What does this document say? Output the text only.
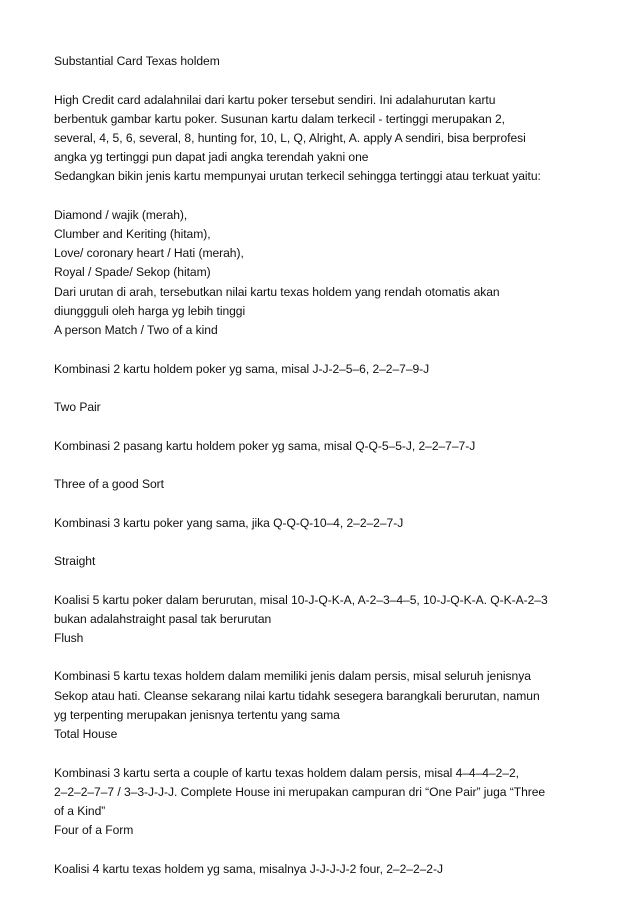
Substantial Card Texas holdem

High Credit card adalahnilai dari kartu poker tersebut sendiri. Ini adalahurutan kartu
berbentuk gambar kartu poker. Susunan kartu dalam terkecil - tertinggi merupakan 2,
several, 4, 5, 6, several, 8, hunting for, 10, L, Q, Alright, A. apply A sendiri, bisa berprofesi
angka yg tertinggi pun dapat jadi angka terendah yakni one
Sedangkan bikin jenis kartu mempunyai urutan terkecil sehingga tertinggi atau terkuat yaitu:

Diamond / wajik (merah),
Clumber and Keriting (hitam),
Love/ coronary heart / Hati (merah),
Royal / Spade/ Sekop (hitam)
Dari urutan di arah, tersebutkan nilai kartu texas holdem yang rendah otomatis akan
diunggguli oleh harga yg lebih tinggi
A person Match / Two of a kind

Kombinasi 2 kartu holdem poker yg sama, misal J-J-2–5–6, 2–2–7–9-J

Two Pair

Kombinasi 2 pasang kartu holdem poker yg sama, misal Q-Q-5–5-J, 2–2–7–7-J

Three of a good Sort

Kombinasi 3 kartu poker yang sama, jika Q-Q-Q-10–4, 2–2–2–7-J

Straight

Koalisi 5 kartu poker dalam berurutan, misal 10-J-Q-K-A, A-2–3–4–5, 10-J-Q-K-A. Q-K-A-2–3
bukan adalahstraight pasal tak berurutan
Flush

Kombinasi 5 kartu texas holdem dalam memiliki jenis dalam persis, misal seluruh jenisnya
Sekop atau hati. Cleanse sekarang nilai kartu tidahk sesegera barangkali berurutan, namun
yg terpenting merupakan jenisnya tertentu yang sama
Total House

Kombinasi 3 kartu serta a couple of kartu texas holdem dalam persis, misal 4–4–4–2–2,
2–2–2–7–7 / 3–3-J-J-J. Complete House ini merupakan campuran dri “One Pair” juga “Three
of a Kind”
Four of a Form

Koalisi 4 kartu texas holdem yg sama, misalnya J-J-J-J-2 four, 2–2–2–2-J
